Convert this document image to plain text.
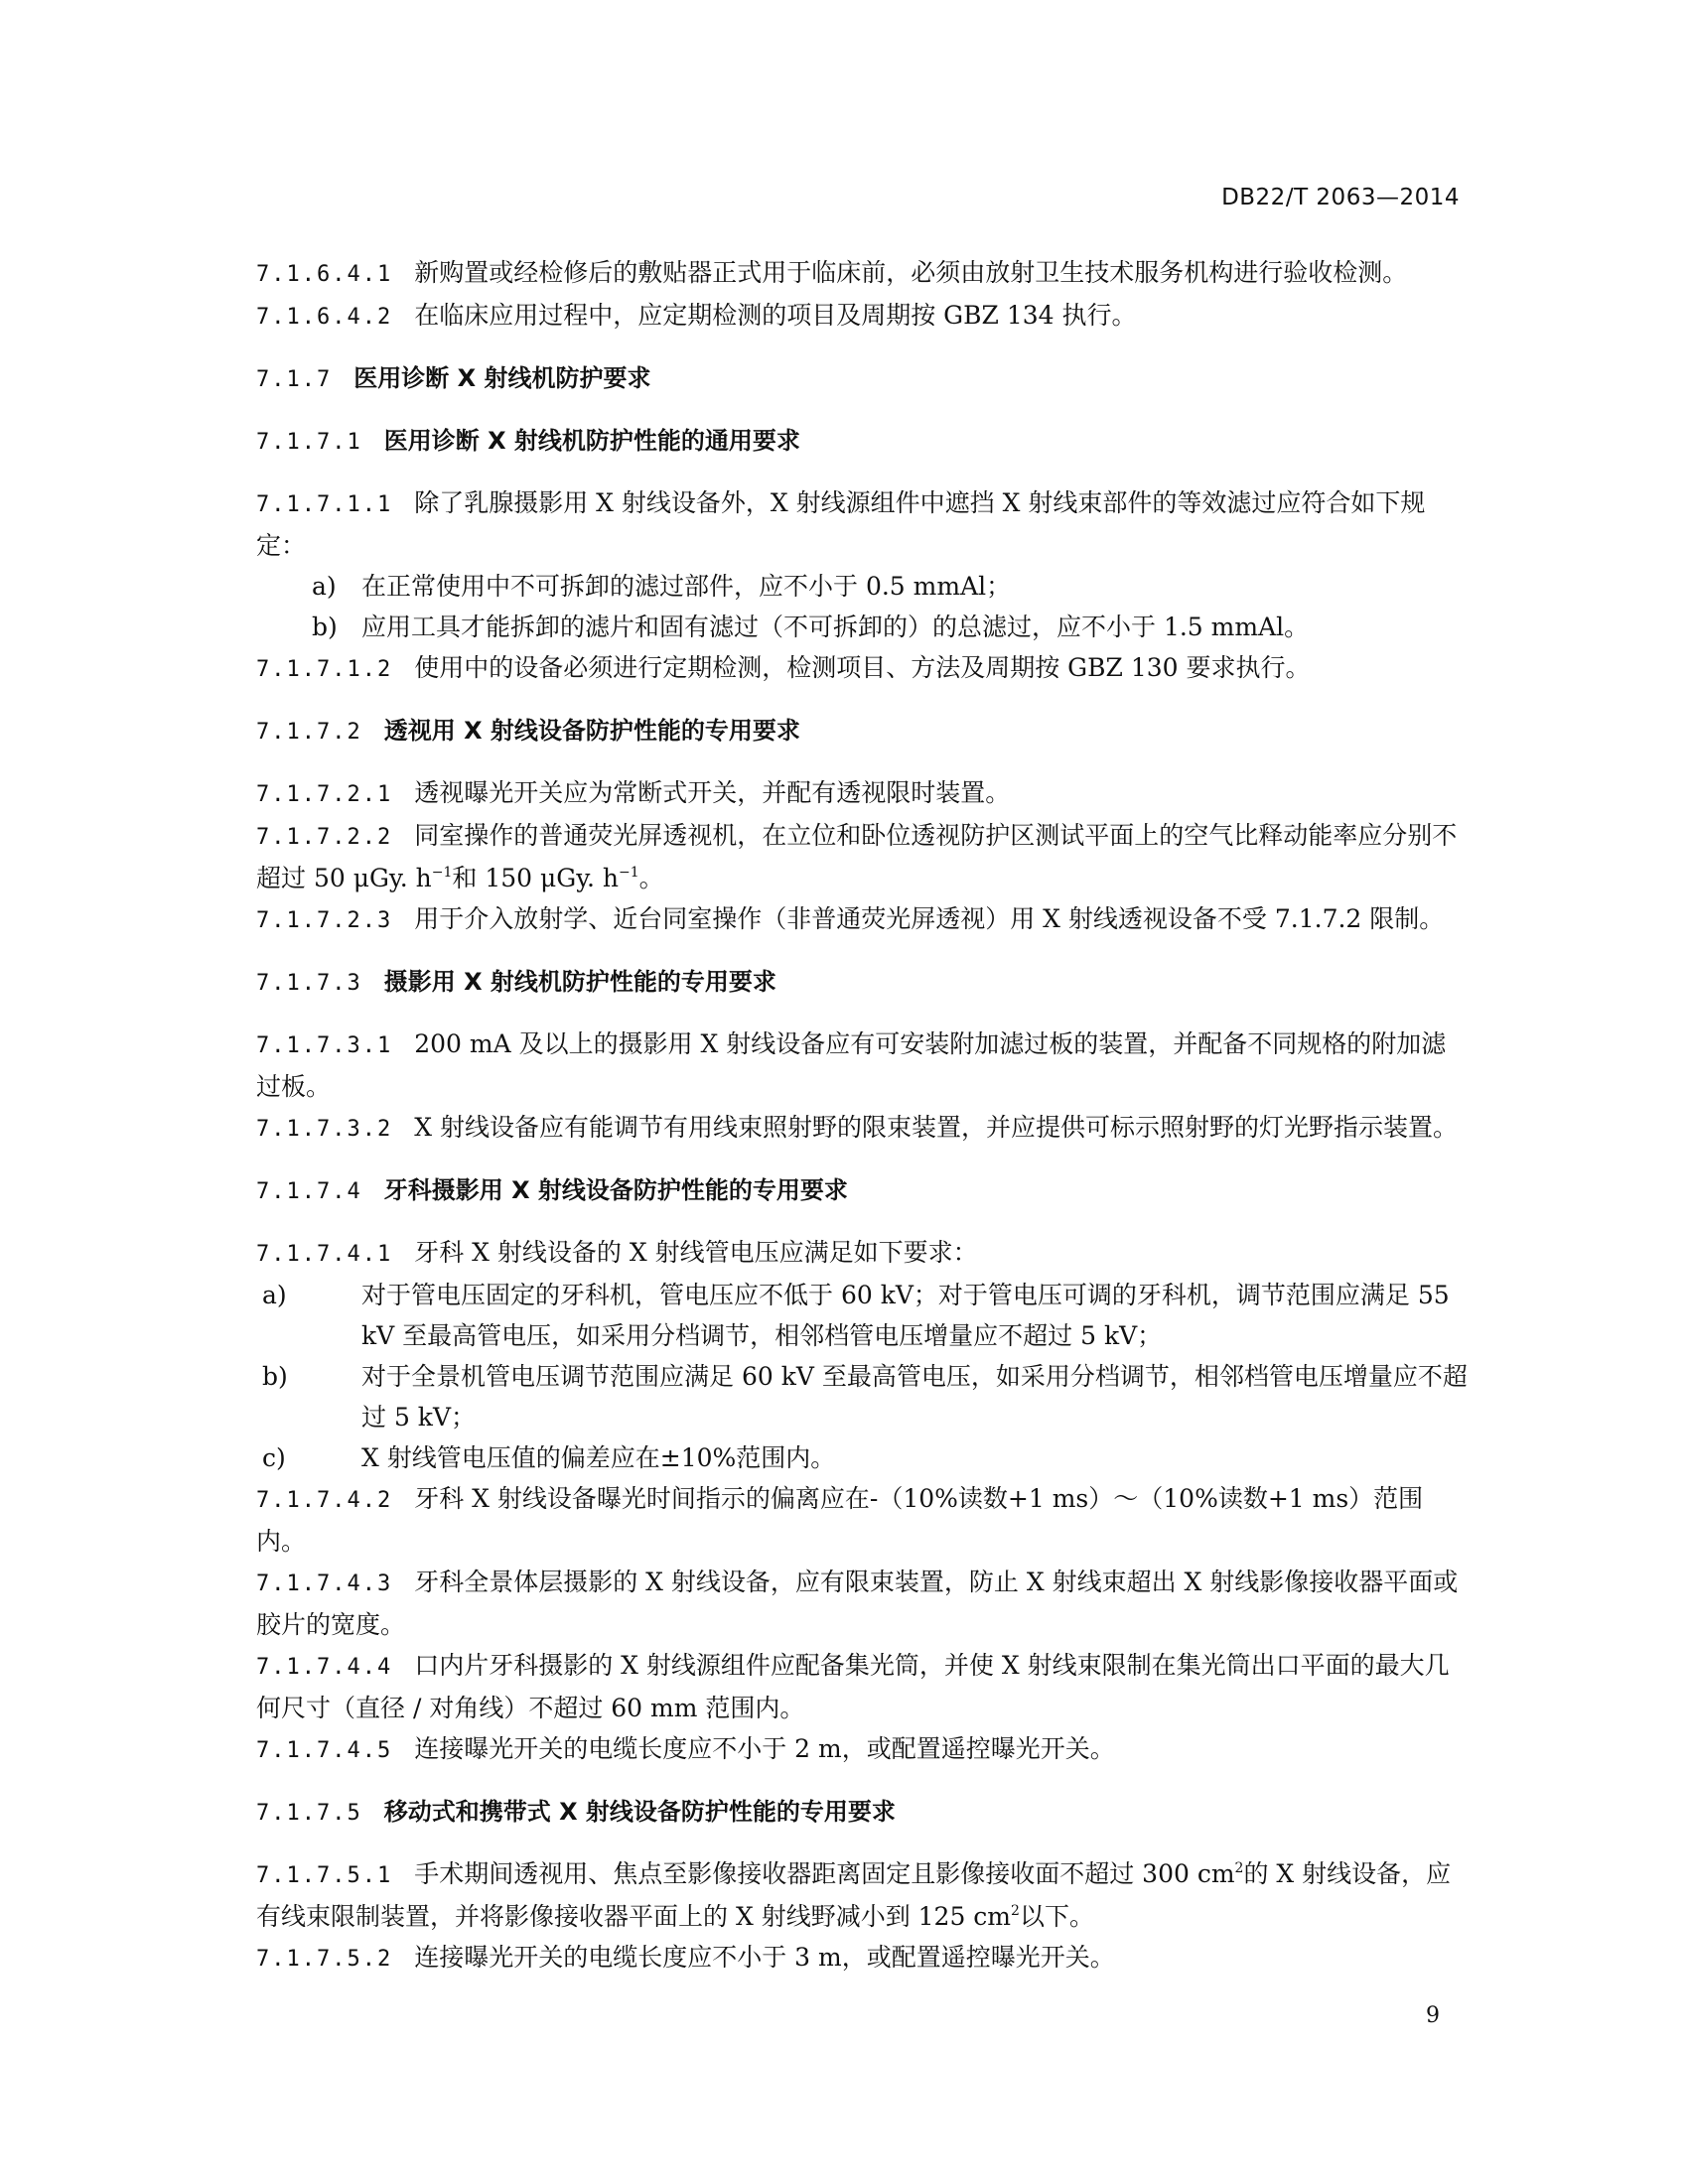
DB22/T 2063—2014
7.1.6.4.1 新购置或经检修后的敷贴器正式用于临床前，必须由放射卫生技术服务机构进行验收检测。
7.1.6.4.2 在临床应用过程中，应定期检测的项目及周期按 GBZ 134 执行。
7.1.7 医用诊断 X 射线机防护要求
7.1.7.1 医用诊断 X 射线机防护性能的通用要求
7.1.7.1.1 除了乳腺摄影用 X 射线设备外，X 射线源组件中遮挡 X 射线束部件的等效滤过应符合如下规定：
a) 在正常使用中不可拆卸的滤过部件，应不小于 0.5 mmAl；
b) 应用工具才能拆卸的滤片和固有滤过（不可拆卸的）的总滤过，应不小于 1.5 mmAl。
7.1.7.1.2 使用中的设备必须进行定期检测，检测项目、方法及周期按 GBZ 130 要求执行。
7.1.7.2 透视用 X 射线设备防护性能的专用要求
7.1.7.2.1 透视曝光开关应为常断式开关，并配有透视限时装置。
7.1.7.2.2 同室操作的普通荧光屏透视机，在立位和卧位透视防护区测试平面上的空气比释动能率应分别不超过 50 μGy. $h^{-1}$和 150 μGy. $h^{-1}$。
7.1.7.2.3 用于介入放射学、近台同室操作（非普通荧光屏透视）用 X 射线透视设备不受 7.1.7.2 限制。
7.1.7.3 摄影用 X 射线机防护性能的专用要求
7.1.7.3.1 200 mA 及以上的摄影用 X 射线设备应有可安装附加滤过板的装置，并配备不同规格的附加滤过板。
7.1.7.3.2 X 射线设备应有能调节有用线束照射野的限束装置，并应提供可标示照射野的灯光野指示装置。
7.1.7.4 牙科摄影用 X 射线设备防护性能的专用要求
7.1.7.4.1 牙科 X 射线设备的 X 射线管电压应满足如下要求：
a)	对于管电压固定的牙科机，管电压应不低于 60 kV；对于管电压可调的牙科机，调节范围应满足 55 kV 至最高管电压，如采用分档调节，相邻档管电压增量应不超过 5 kV；
b)	对于全景机管电压调节范围应满足 60 kV 至最高管电压，如采用分档调节，相邻档管电压增量应不超过 5 kV；
c)	X 射线管电压值的偏差应在±10%范围内。
7.1.7.4.2 牙科 X 射线设备曝光时间指示的偏离应在-（10%读数+1 ms）～（10%读数+1 ms）范围内。
7.1.7.4.3 牙科全景体层摄影的 X 射线设备，应有限束装置，防止 X 射线束超出 X 射线影像接收器平面或胶片的宽度。
7.1.7.4.4 口内片牙科摄影的 X 射线源组件应配备集光筒，并使 X 射线束限制在集光筒出口平面的最大几何尺寸（直径 / 对角线）不超过 60 mm 范围内。
7.1.7.4.5 连接曝光开关的电缆长度应不小于 2 m，或配置遥控曝光开关。
7.1.7.5 移动式和携带式 X 射线设备防护性能的专用要求
7.1.7.5.1 手术期间透视用、焦点至影像接收器距离固定且影像接收面不超过 300 $cm^2$的 X 射线设备，应有线束限制装置，并将影像接收器平面上的 X 射线野减小到 125 $cm^2$以下。
7.1.7.5.2 连接曝光开关的电缆长度应不小于 3 m，或配置遥控曝光开关。
9
